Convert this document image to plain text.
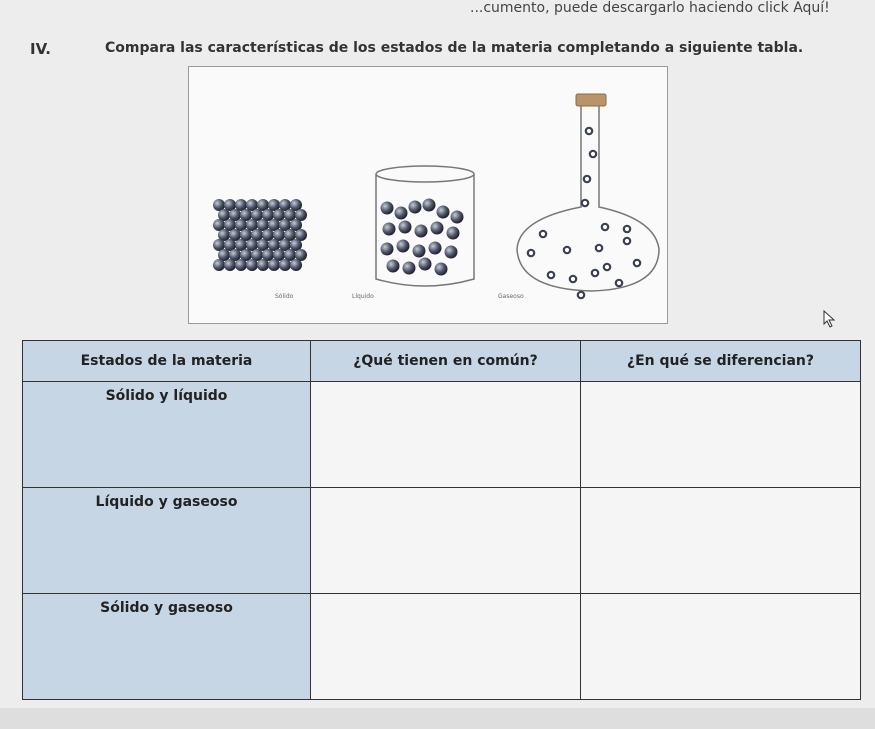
...cumento, puede descargarlo haciendo click Aquí!
IV.	Compara las características de los estados de la materia completando a siguiente tabla.
Sólido	Líquido	Gaseoso
Estados de la materia	¿Qué tienen en común?	¿En qué se diferencian?
Sólido y líquido		
Líquido y gaseoso		
Sólido y gaseoso		
